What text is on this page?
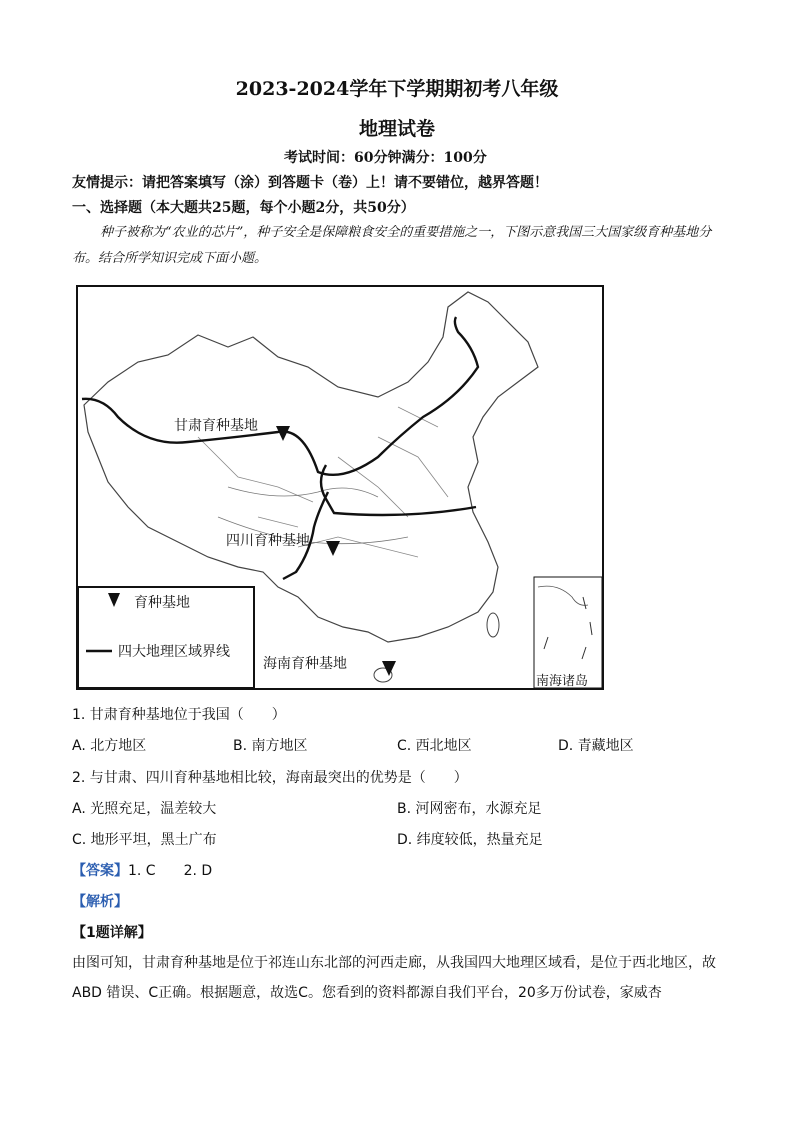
2023-2024学年下学期期初考八年级
地理试卷
考试时间：60分钟满分：100分
友情提示：请把答案填写（涂）到答题卡（卷）上！请不要错位，越界答题！
一、选择题（本大题共25题，每个小题2分，共50分）
种子被称为“农业的芯片”，种子安全是保障粮食安全的重要措施之一，下图示意我国三大国家级育种基地分布。结合所学知识完成下面小题。
甘肃育种基地
四川育种基地
海南育种基地
南海诸岛
育种基地
四大地理区域界线
1. 甘肃育种基地位于我国（　　）
A. 北方地区	B. 南方地区	C. 西北地区	D. 青藏地区
2. 与甘肃、四川育种基地相比较，海南最突出的优势是（　　）
A. 光照充足，温差较大	B. 河网密布，水源充足
C. 地形平坦，黑土广布	D. 纬度较低，热量充足
【答案】1. C　　2. D
【解析】
【1题详解】
由图可知，甘肃育种基地是位于祁连山东北部的河西走廊，从我国四大地理区域看，是位于西北地区，故ABD 错误、C正确。根据题意，故选C。您看到的资料都源自我们平台，20多万份试卷，家威杏
